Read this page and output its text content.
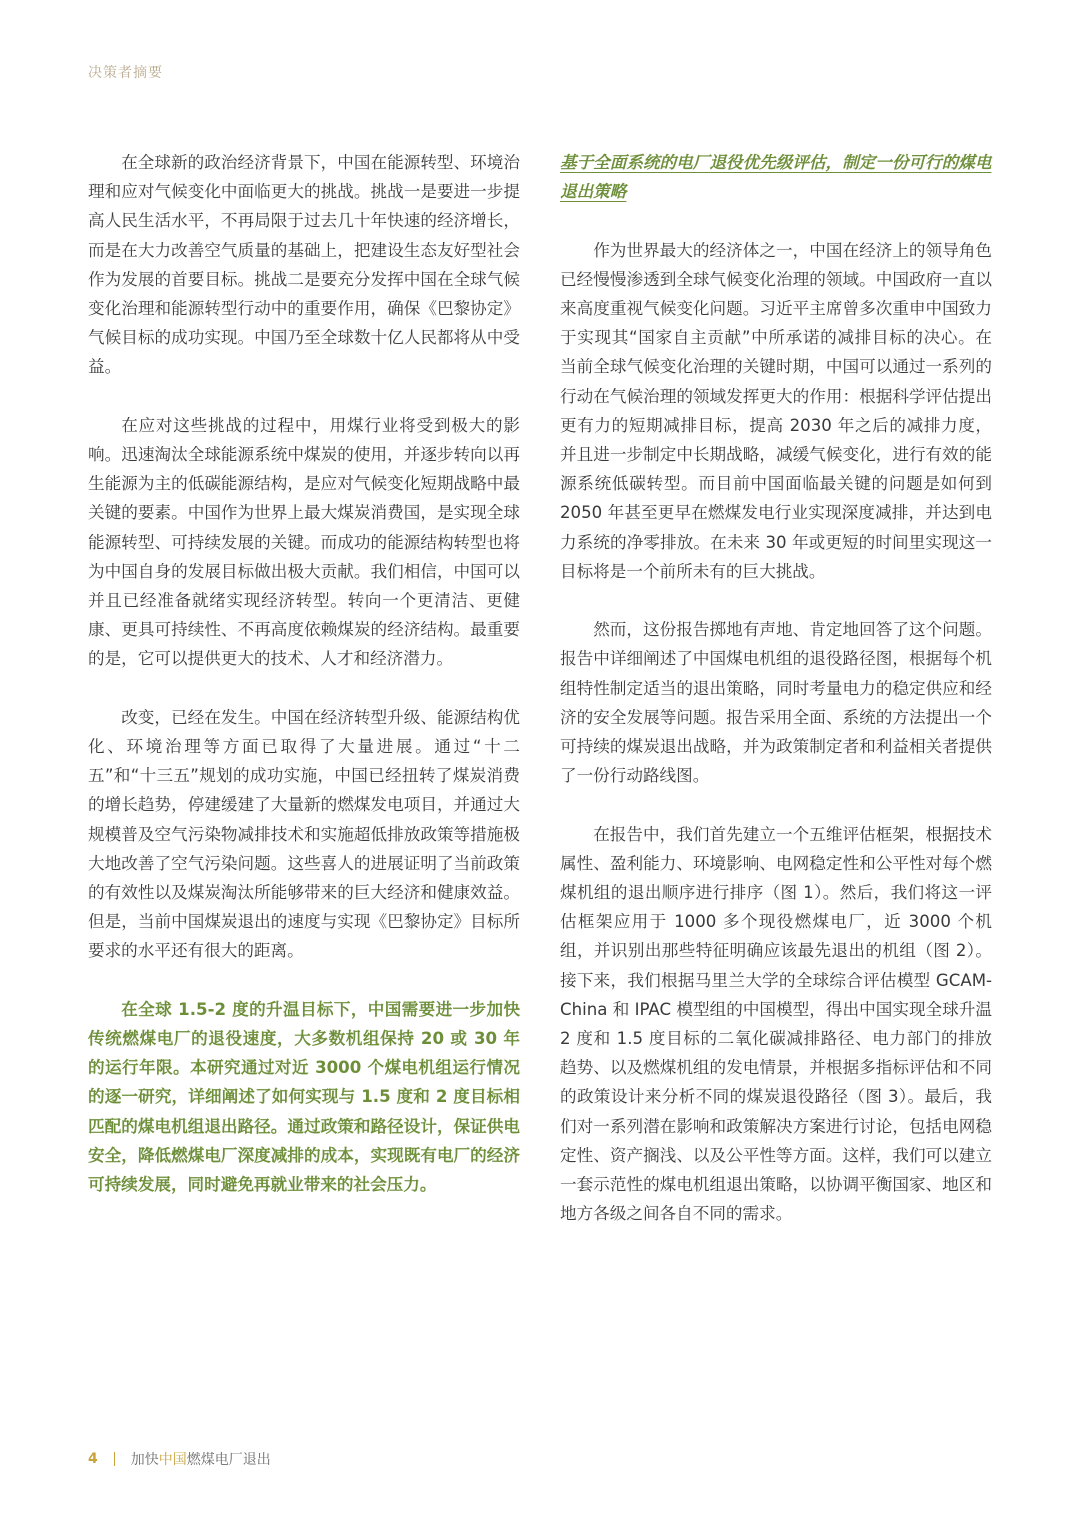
决策者摘要

在全球新的政治经济背景下，中国在能源转型、环境治理和应对气候变化中面临更大的挑战。挑战一是要进一步提高人民生活水平，不再局限于过去几十年快速的经济增长，而是在大力改善空气质量的基础上，把建设生态友好型社会作为发展的首要目标。挑战二是要充分发挥中国在全球气候变化治理和能源转型行动中的重要作用，确保《巴黎协定》气候目标的成功实现。中国乃至全球数十亿人民都将从中受益。

在应对这些挑战的过程中，用煤行业将受到极大的影响。迅速淘汰全球能源系统中煤炭的使用，并逐步转向以再生能源为主的低碳能源结构，是应对气候变化短期战略中最关键的要素。中国作为世界上最大煤炭消费国，是实现全球能源转型、可持续发展的关键。而成功的能源结构转型也将为中国自身的发展目标做出极大贡献。我们相信，中国可以并且已经准备就绪实现经济转型。转向一个更清洁、更健康、更具可持续性、不再高度依赖煤炭的经济结构。最重要的是，它可以提供更大的技术、人才和经济潜力。

改变，已经在发生。中国在经济转型升级、能源结构优化、环境治理等方面已取得了大量进展。通过“十二五”和“十三五”规划的成功实施，中国已经扭转了煤炭消费的增长趋势，停建缓建了大量新的燃煤发电项目，并通过大规模普及空气污染物减排技术和实施超低排放政策等措施极大地改善了空气污染问题。这些喜人的进展证明了当前政策的有效性以及煤炭淘汰所能够带来的巨大经济和健康效益。但是，当前中国煤炭退出的速度与实现《巴黎协定》目标所要求的水平还有很大的距离。

在全球 1.5-2 度的升温目标下，中国需要进一步加快传统燃煤电厂的退役速度，大多数机组保持 20 或 30 年的运行年限。本研究通过对近 3000 个煤电机组运行情况的逐一研究，详细阐述了如何实现与 1.5 度和 2 度目标相匹配的煤电机组退出路径。通过政策和路径设计，保证供电安全，降低燃煤电厂深度减排的成本，实现既有电厂的经济可持续发展，同时避免再就业带来的社会压力。

基于全面系统的电厂退役优先级评估，制定一份可行的煤电退出策略

作为世界最大的经济体之一，中国在经济上的领导角色已经慢慢渗透到全球气候变化治理的领域。中国政府一直以来高度重视气候变化问题。习近平主席曾多次重申中国致力于实现其“国家自主贡献”中所承诺的减排目标的决心。在当前全球气候变化治理的关键时期，中国可以通过一系列的行动在气候治理的领域发挥更大的作用：根据科学评估提出更有力的短期减排目标，提高 2030 年之后的减排力度，并且进一步制定中长期战略，减缓气候变化，进行有效的能源系统低碳转型。而目前中国面临最关键的问题是如何到 2050 年甚至更早在燃煤发电行业实现深度减排，并达到电力系统的净零排放。在未来 30 年或更短的时间里实现这一目标将是一个前所未有的巨大挑战。

然而，这份报告掷地有声地、肯定地回答了这个问题。报告中详细阐述了中国煤电机组的退役路径图，根据每个机组特性制定适当的退出策略，同时考量电力的稳定供应和经济的安全发展等问题。报告采用全面、系统的方法提出一个可持续的煤炭退出战略，并为政策制定者和利益相关者提供了一份行动路线图。

在报告中，我们首先建立一个五维评估框架，根据技术属性、盈利能力、环境影响、电网稳定性和公平性对每个燃煤机组的退出顺序进行排序（图 1）。然后，我们将这一评估框架应用于 1000 多个现役燃煤电厂，近 3000 个机组，并识别出那些特征明确应该最先退出的机组（图 2）。接下来，我们根据马里兰大学的全球综合评估模型 GCAM-China 和 IPAC 模型组的中国模型，得出中国实现全球升温 2 度和 1.5 度目标的二氧化碳减排路径、电力部门的排放趋势、以及燃煤机组的发电情景，并根据多指标评估和不同的政策设计来分析不同的煤炭退役路径（图 3）。最后，我们对一系列潜在影响和政策解决方案进行讨论，包括电网稳定性、资产搁浅、以及公平性等方面。这样，我们可以建立一套示范性的煤电机组退出策略，以协调平衡国家、地区和地方各级之间各自不同的需求。

4 加快中国燃煤电厂退出
